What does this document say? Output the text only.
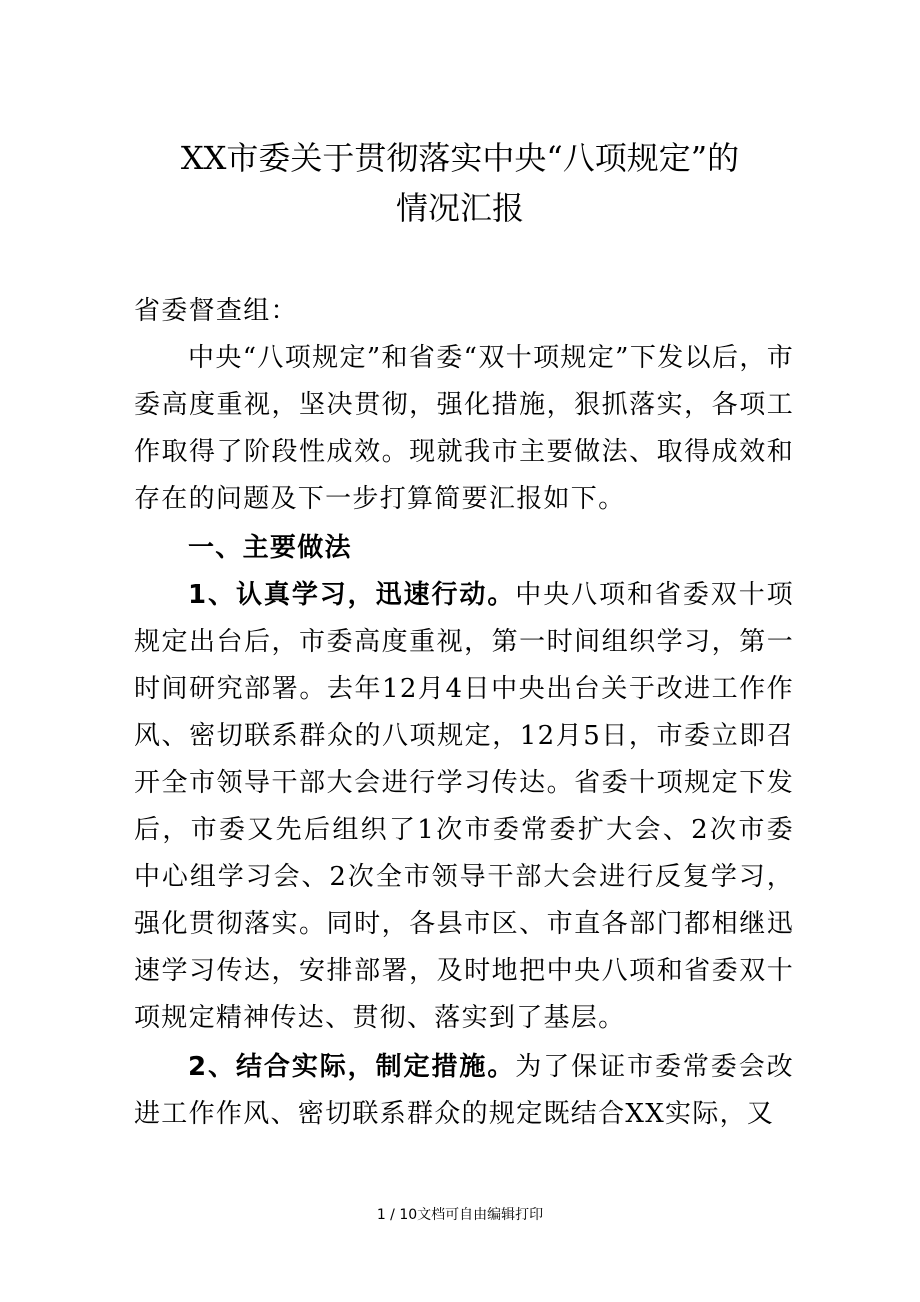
XX市委关于贯彻落实中央“八项规定”的
情况汇报

省委督查组：

中央“八项规定”和省委“双十项规定”下发以后，市委高度重视，坚决贯彻，强化措施，狠抓落实，各项工作取得了阶段性成效。现就我市主要做法、取得成效和存在的问题及下一步打算简要汇报如下。

一、主要做法

1、认真学习，迅速行动。中央八项和省委双十项规定出台后，市委高度重视，第一时间组织学习，第一时间研究部署。去年12月4日中央出台关于改进工作作风、密切联系群众的八项规定，12月5日，市委立即召开全市领导干部大会进行学习传达。省委十项规定下发后，市委又先后组织了1次市委常委扩大会、2次市委中心组学习会、2次全市领导干部大会进行反复学习，强化贯彻落实。同时，各县市区、市直各部门都相继迅速学习传达，安排部署，及时地把中央八项和省委双十项规定精神传达、贯彻、落实到了基层。

2、结合实际，制定措施。为了保证市委常委会改进工作作风、密切联系群众的规定既结合XX实际，又

1 / 10文档可自由编辑打印
